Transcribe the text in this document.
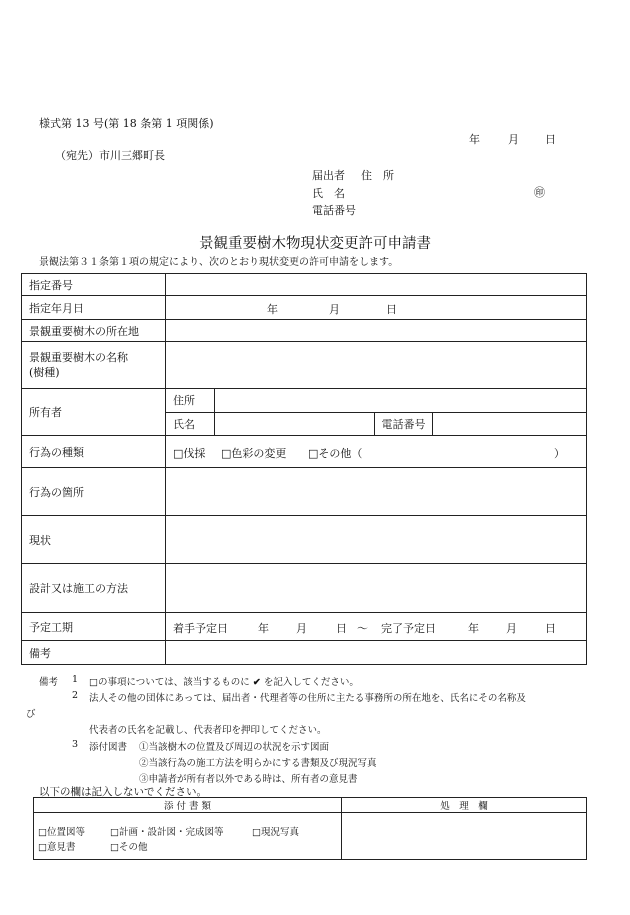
様式第 13 号(第 18 条第 1 項関係)
年	月 日
（宛先）市川三郷町長
届出者 住　所
氏　名	㊞
電話番号
景観重要樹木物現状変更許可申請書
景観法第３１条第１項の規定により、次のとおり現状変更の許可申請をします。
指定番号	
指定年月日	年	月	日

景観重要樹木の所在地	
景観重要樹木の名称
(樹種)	
所有者	
住所	
氏名		電話番号	

行為の種類	□伐採 □色彩の変更 □その他（	）

行為の箇所	
現状	
設計又は施工の方法	
予定工期	着手予定日	年 月	日 ～ 完了予定日	年 月	日

備考	
備考 1 □の事項については、該当するものに ✔ を記入してください。
2 法人その他の団体にあっては、届出者・代理者等の住所に主たる事務所の所在地を、氏名にその名称及
び
代表者の氏名を記載し、代表者印を押印してください。
3 添付図書 ①当該樹木の位置及び周辺の状況を示す図面
②当該行為の施工方法を明らかにする書類及び現況写真
③申請者が所有者以外である時は、所有者の意見書
以下の欄は記入しないでください。
添 付 書 類	処　理　欄

□位置図等 □計画・設計図・完成図等 □現況写真
□意見書 □その他	
